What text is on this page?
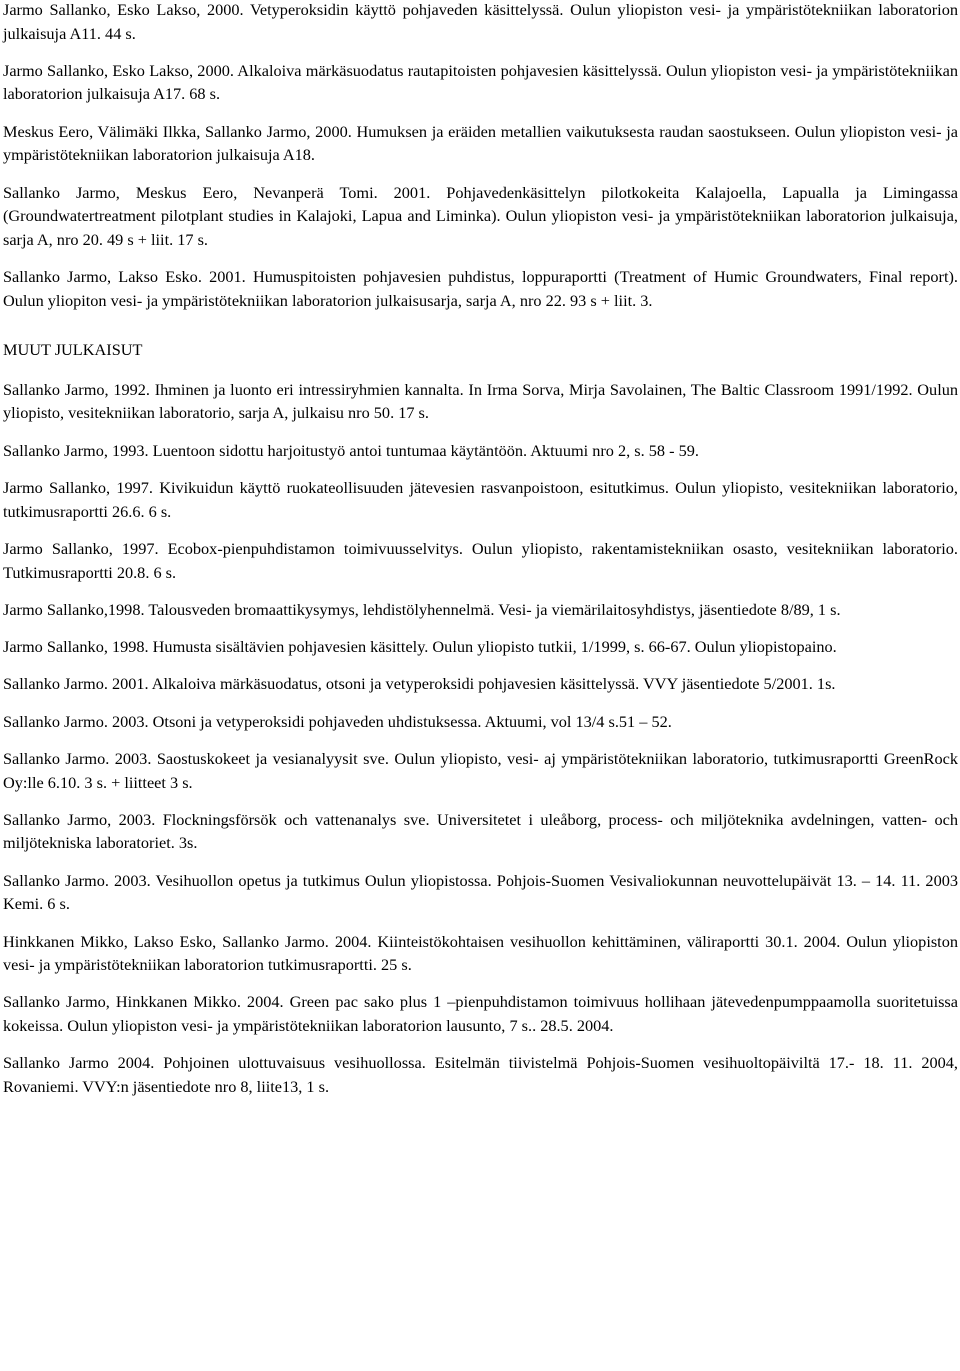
Jarmo Sallanko, Esko Lakso, 2000. Vetyperoksidin käyttö pohjaveden käsittelyssä. Oulun yliopiston vesi- ja ympäristötekniikan laboratorion julkaisuja A11. 44 s.

Jarmo Sallanko, Esko Lakso, 2000. Alkaloiva märkäsuodatus rautapitoisten pohjavesien käsittelyssä. Oulun yliopiston vesi- ja ympäristötekniikan laboratorion julkaisuja A17. 68 s.

Meskus Eero, Välimäki Ilkka, Sallanko Jarmo, 2000. Humuksen ja eräiden metallien vaikutuksesta raudan saostukseen. Oulun yliopiston vesi- ja ympäristötekniikan laboratorion julkaisuja A18.

Sallanko Jarmo, Meskus Eero, Nevanperä Tomi. 2001. Pohjavedenkäsittelyn pilotkokeita Kalajoella, Lapualla ja Limingassa (Groundwatertreatment pilotplant studies in Kalajoki, Lapua and Liminka). Oulun yliopiston vesi- ja ympäristötekniikan laboratorion julkaisuja, sarja A, nro 20. 49 s + liit. 17 s.

Sallanko Jarmo, Lakso Esko. 2001. Humuspitoisten pohjavesien puhdistus, loppuraportti (Treatment of Humic Groundwaters, Final report). Oulun yliopiton vesi- ja ympäristötekniikan laboratorion julkaisusarja, sarja A, nro 22. 93 s + liit. 3.

MUUT JULKAISUT

Sallanko Jarmo, 1992. Ihminen ja luonto eri intressiryhmien kannalta. In Irma Sorva, Mirja Savolainen, The Baltic Classroom 1991/1992. Oulun yliopisto, vesitekniikan laboratorio, sarja A, julkaisu nro 50. 17 s.

Sallanko Jarmo, 1993. Luentoon sidottu harjoitustyö antoi tuntumaa käytäntöön. Aktuumi nro 2, s. 58 - 59.

Jarmo Sallanko, 1997. Kivikuidun käyttö ruokateollisuuden jätevesien rasvanpoistoon, esitutkimus. Oulun yliopisto, vesitekniikan laboratorio, tutkimusraportti 26.6. 6 s.

Jarmo Sallanko, 1997. Ecobox-pienpuhdistamon toimivuusselvitys. Oulun yliopisto, rakentamistekniikan osasto, vesitekniikan laboratorio. Tutkimusraportti 20.8. 6 s.

Jarmo Sallanko,1998. Talousveden bromaattikysymys, lehdistölyhennelmä. Vesi- ja viemärilaitosyhdistys, jäsentiedote 8/89, 1 s.

Jarmo Sallanko, 1998. Humusta sisältävien pohjavesien käsittely. Oulun yliopisto tutkii, 1/1999, s. 66-67. Oulun yliopistopaino.

Sallanko Jarmo. 2001. Alkaloiva märkäsuodatus, otsoni ja vetyperoksidi pohjavesien käsittelyssä. VVY jäsentiedote 5/2001. 1s.

Sallanko Jarmo. 2003. Otsoni ja vetyperoksidi pohjaveden uhdistuksessa. Aktuumi, vol 13/4 s.51 – 52.

Sallanko Jarmo. 2003. Saostuskokeet ja vesianalyysit sve. Oulun yliopisto, vesi- aj ympäristötekniikan laboratorio, tutkimusraportti GreenRock Oy:lle 6.10. 3 s. + liitteet 3 s.

Sallanko Jarmo, 2003. Flockningsförsök och vattenanalys sve. Universitetet i uleåborg, process- och miljöteknika avdelningen, vatten- och miljötekniska laboratoriet. 3s.

Sallanko Jarmo. 2003. Vesihuollon opetus ja tutkimus Oulun yliopistossa. Pohjois-Suomen Vesivaliokunnan neuvottelupäivät 13. – 14. 11. 2003 Kemi. 6 s.

Hinkkanen Mikko, Lakso Esko, Sallanko Jarmo. 2004. Kiinteistökohtaisen vesihuollon kehittäminen, väliraportti 30.1. 2004. Oulun yliopiston vesi- ja ympäristötekniikan laboratorion tutkimusraportti. 25 s.

Sallanko Jarmo, Hinkkanen Mikko. 2004. Green pac sako plus 1 –pienpuhdistamon toimivuus hollihaan jätevedenpumppaamolla suoritetuissa kokeissa. Oulun yliopiston vesi- ja ympäristötekniikan laboratorion lausunto, 7 s.. 28.5. 2004.

Sallanko Jarmo 2004. Pohjoinen ulottuvaisuus vesihuollossa. Esitelmän tiivistelmä Pohjois-Suomen vesihuoltopäiviltä 17.- 18. 11. 2004, Rovaniemi. VVY:n jäsentiedote nro 8, liite13, 1 s.
